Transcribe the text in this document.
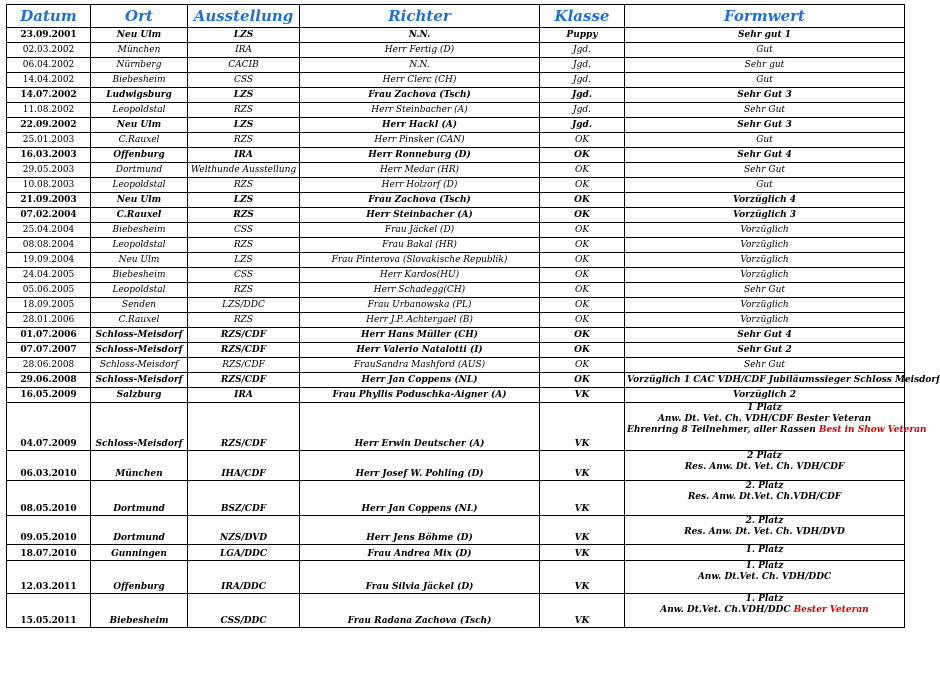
Datum	Ort	Ausstellung	Richter	Klasse	Formwert
23.09.2001	Neu Ulm	LZS	N.N.	Puppy	Sehr gut 1
02.03.2002	München	IRA	Herr Fertig (D)	Jgd.	Gut
06.04.2002	Nürnberg	CACIB	N.N.	Jgd.	Sehr gut
14.04.2002	Biebesheim	CSS	Herr Clerc (CH)	Jgd.	Gut
14.07.2002	Ludwigsburg	LZS	Frau Zachova (Tsch)	Jgd.	Sehr Gut 3
11.08.2002	Leopoldstal	RZS	Herr Steinbacher (A)	Jgd.	Sehr Gut
22.09.2002	Neu Ulm	LZS	Herr Hackl (A)	Jgd.	Sehr Gut 3
25.01.2003	C.Rauxel	RZS	Herr Pinsker (CAN)	OK	Gut
16.03.2003	Offenburg	IRA	Herr Ronneburg (D)	OK	Sehr Gut 4
29.05.2003	Dortmund	Welthunde Ausstellung	Herr Medar (HR)	OK	Sehr Gut
10.08.2003	Leopoldstal	RZS	Herr Holzorf (D)	OK	Gut
21.09.2003	Neu Ulm	LZS	Frau Zachova (Tsch)	OK	Vorzüglich 4
07.02.2004	C.Rauxel	RZS	Herr Steinbacher (A)	OK	Vorzüglich 3
25.04.2004	Biebesheim	CSS	Frau Jäckel (D)	OK	Vorzüglich
08.08.2004	Leopoldstal	RZS	Frau Bakal (HR)	OK	Vorzüglich
19.09.2004	Neu Ulm	LZS	Frau Pinterova (Slovakische Republik)	OK	Vorzüglich
24.04.2005	Biebesheim	CSS	Herr Kardos(HU)	OK	Vorzüglich
05.06.2005	Leopoldstal	RZS	Herr Schadegg(CH)	OK	Sehr Gut
18.09.2005	Senden	LZS/DDC	Frau Urbanowska (PL)	OK	Vorzüglich
28.01.2006	C.Rauxel	RZS	Herr J.P. Achtergael (B)	OK	Vorzüglich
01.07.2006	Schloss-Meisdorf	RZS/CDF	Herr Hans Müller (CH)	OK	Sehr Gut 4
07.07.2007	Schloss-Meisdorf	RZS/CDF	Herr Valerio Natalotti (I)	OK	Sehr Gut 2
28.06.2008	Schloss-Meisdorf	RZS/CDF	FrauSandra Mashford (AUS)	OK	Sehr Gut
29.06.2008	Schloss-Meisdorf	RZS/CDF	Herr Jan Coppens (NL)	OK	Vorzüglich 1 CAC VDH/CDF Jubiläumssieger Schloss Meisdorf
16.05.2009	Salzburg	IRA	Frau Phyllis Poduschka-Aigner (A)	VK	Vorzüglich 2
04.07.2009	Schloss-Meisdorf	RZS/CDF	Herr Erwin Deutscher (A)	VK	1 Platz
Anw. Dt. Vet. Ch. VDH/CDF Bester Veteran
Ehrenring 8 Teilnehmer, aller Rassen Best in Show Veteran

06.03.2010	München	IHA/CDF	Herr Josef W. Pohling (D)	VK	2 Platz
Res. Anw. Dt. Vet. Ch. VDH/CDF

08.05.2010	Dortmund	BSZ/CDF	Herr Jan Coppens (NL)	VK	2. Platz
Res. Anw. Dt.Vet. Ch.VDH/CDF

09.05.2010	Dortmund	NZS/DVD	Herr Jens Böhme (D)	VK	2. Platz
Res. Anw. Dt. Vet. Ch. VDH/DVD

18.07.2010	Gunningen	LGA/DDC	Frau Andrea Mix (D)	VK	1. Platz

12.03.2011	Offenburg	IRA/DDC	Frau Silvia Jäckel (D)	VK	1. Platz
Anw. Dt.Vet. Ch. VDH/DDC

15.05.2011	Biebesheim	CSS/DDC	Frau Radana Zachova (Tsch)	VK	1. Platz
Anw. Dt.Vet. Ch.VDH/DDC Bester Veteran
